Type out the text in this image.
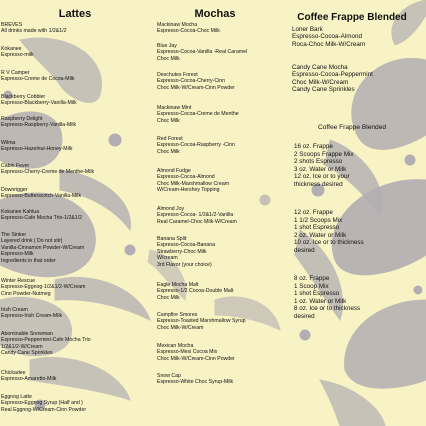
Lattes
BREVES
All drinks made with 1/2&1/2
Kokanee
Espresso-milk
R V Camper
Espresso-Creme de Cocoa-Milk
Blackberry Cobbler
Espresso-Blackberry-Vanilla-Milk
Raspberry Delight
Espresso-Raspberry-Vanilla-Milk
Wilma
Espresso-Hazelnut-Honey-Milk
Cabin Fever
Espresso-Cherry-Creme de Menthe-Milk
Downrigger
Espresso-Butterscotch-Vanilla-Milk
Kokanee Kahlua
Espresso-Cafe Mocha Trio-1/2&1/2
The Sinker
Layered drink ( Do not stir)
Vanilla-Cinnamon Powder-W/Cream
Espresso-Milk
Ingredients in that order
Winter Rescue
Espresso-Eggnog-1/2&1/2-W/Cream
Cinn Powder-Nutmeg
Irish Cream
Espresso-Irish Cream-Milk
Abominable Snowman
Espresso-Peppermint-Cafe Mocha Trio
1/2&1/2-W/Cream
Candy Cane Sprinkles
Chickadee
Espresso-Amaretto-Milk
Eggnog Latte
Espresso-Eggnog Syrup (Half and )
Real Eggnog-W/Cream-Cinn Powder
Mochas
Mackinaw Mocha
Espresso-Cocoa-Choc Milk
Blue Jay
Espresso-Cocoa-Vanilla -Real Caramel
Choc Milk
Deschutes Forest
Espresso-Cocoa-Cherry-Cinn
Choc Milk-W/Cream-Cinn Powder
Mackinaw Mint
Espresso-Cocoa-Creme de Menthe
Choc Milk
Red Forest
Espresso-Cocoa-Raspberry -Cinn
Choc Milk
Almond Fudge
Espresso-Cocoa-Almond
Choc Milk-Marshmallow Cream
W/Cream-Hershey Topping
Almond Joy
Espresso-Cocoa- 1/2&1/2-Vanilla
Real Caramel-Choc Milk-W/Cream
Banana Split
Espresso-Cocoa-Banana
Strawberry-Choc Milk
W/cream
3rd Flavor (your choice)
Eagle Mocha Malt
Espresso-1/2 Cocoa-Double Malt
Choc Milk
Campfire Smores
Espresso-Toasted Marshmallow Syrup
Choc Milk-W/Cream
Mexican Mocha
Espresso-Mexi Cocoa Mix
Choc Milk-W/Cream-Cinn Powder
Snow Cap
Espresso-White Choc Syrup-Milk
Coffee Frappe Blended
Loner Bark
Espresso-Cocoa-Almond
Roca-Choc Milk-W/Cream
Candy Cane Mocha
Espresso-Cocoa-Peppermint
Choc Milk-W/Cream
Candy Cane Sprinkles
Coffee Frappe Blended
16 oz. Frappe
2 Scoops Frappe Mix
2 shots Espresso
3 oz. Water or Milk
12 oz. Ice or to your
thickness desired
12 oz. Frappe
1 1/2 Scoops Mix
1 shot Espresso
2 oz. Water or Milk
10 oz. Ice or to thickness
desired
8 oz. Frappe
1 Scoop Mix
1 shot Espresso
1 oz. Water or Milk
8 oz. Ice or to thickness
desired
